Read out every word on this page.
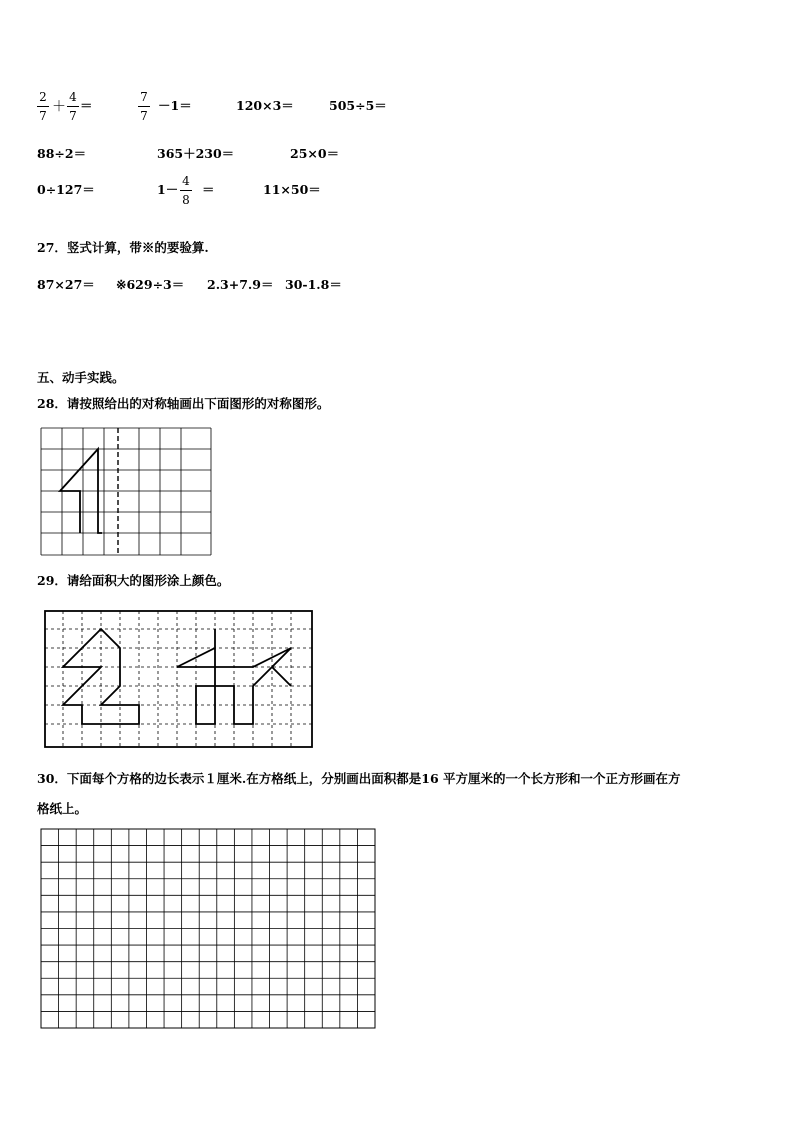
2
7
＋
4
7
＝
7
7
－1＝	120×3＝	505÷5＝
88÷2＝	365＋230＝	25×0＝
0÷127＝	1－
4
8
＝	11×50＝
27．竖式计算，带※的要验算.
87×27＝ ※629÷3＝ 2.3+7.9＝ 30-1.8＝
五、动手实践。
28．请按照给出的对称轴画出下面图形的对称图形。
29．请给面积大的图形涂上颜色。
30．下面每个方格的边长表示１厘米.在方格纸上，分别画出面积都是16 平方厘米的一个长方形和一个正方形画在方
格纸上。
